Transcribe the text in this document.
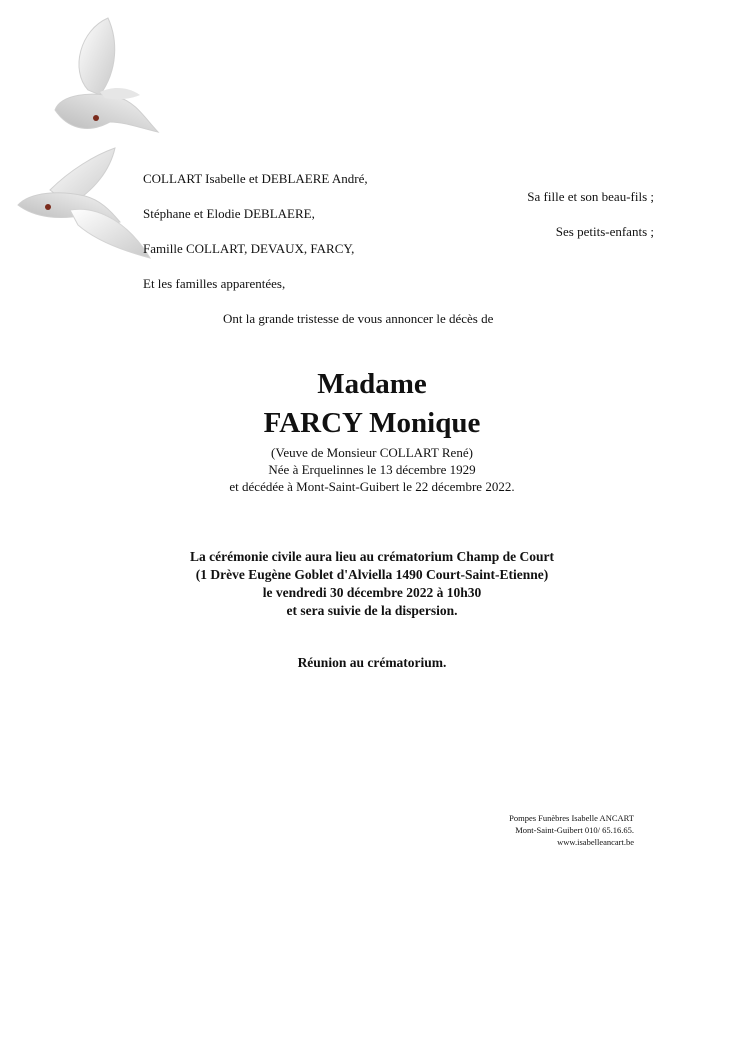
COLLART Isabelle et DEBLAERE André,
Sa fille et son beau-fils ;
Stéphane et Elodie DEBLAERE,
Ses petits-enfants ;
Famille COLLART, DEVAUX, FARCY,
Et les familles apparentées,
Ont la grande tristesse de vous annoncer le décès de
Madame
FARCY Monique
(Veuve de Monsieur COLLART René)
Née à Erquelinnes le 13 décembre 1929
et décédée à Mont-Saint-Guibert le 22 décembre 2022.
La cérémonie civile aura lieu au crématorium Champ de Court
(1 Drève Eugène Goblet d'Alviella 1490 Court-Saint-Etienne)
le vendredi 30 décembre 2022 à 10h30
et sera suivie de la dispersion.
Réunion au crématorium.
Pompes Funèbres Isabelle ANCART
Mont-Saint-Guibert 010/ 65.16.65.
www.isabelleancart.be
